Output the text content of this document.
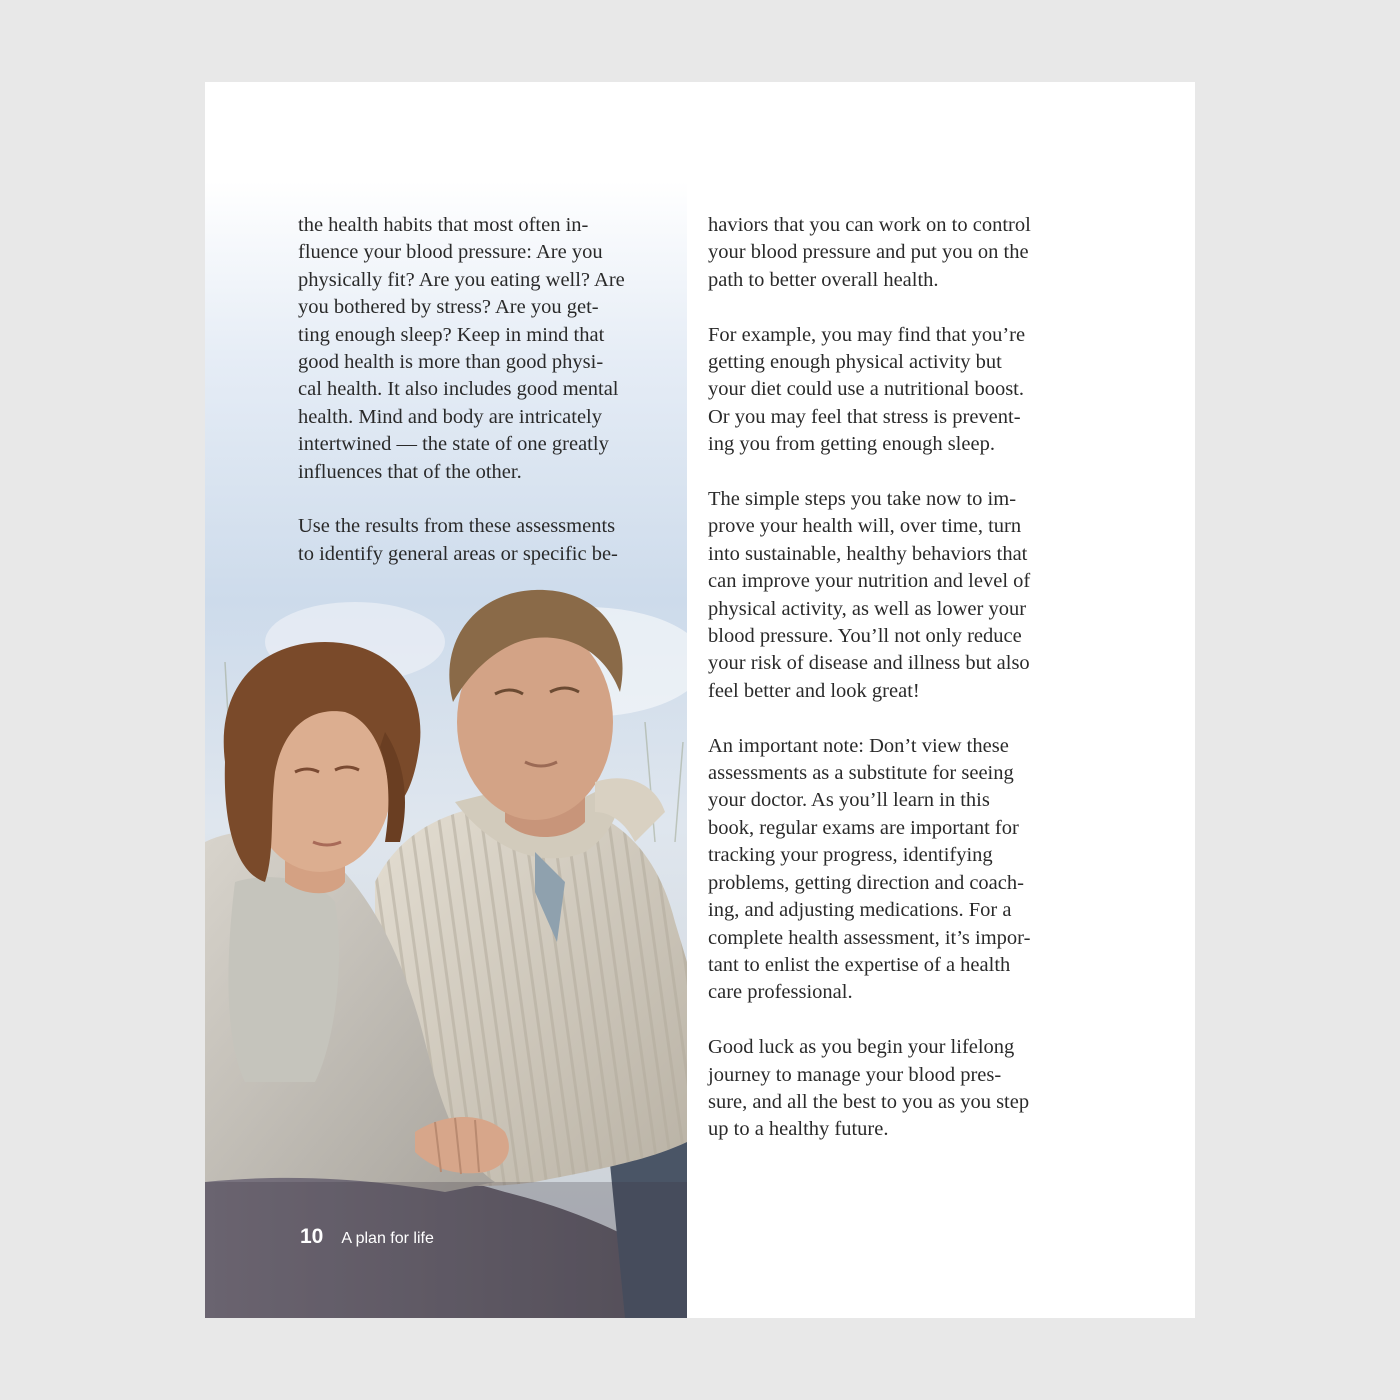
the health habits that most often in-
fluence your blood pressure: Are you
physically fit? Are you eating well? Are
you bothered by stress? Are you get-
ting enough sleep? Keep in mind that
good health is more than good physi-
cal health. It also includes good mental
health. Mind and body are intricately
intertwined — the state of one greatly
influences that of the other.

Use the results from these assessments
to identify general areas or specific be-

haviors that you can work on to control
your blood pressure and put you on the
path to better overall health.

For example, you may find that you’re
getting enough physical activity but
your diet could use a nutritional boost.
Or you may feel that stress is prevent-
ing you from getting enough sleep.

The simple steps you take now to im-
prove your health will, over time, turn
into sustainable, healthy behaviors that
can improve your nutrition and level of
physical activity, as well as lower your
blood pressure. You’ll not only reduce
your risk of disease and illness but also
feel better and look great!

An important note: Don’t view these
assessments as a substitute for seeing
your doctor. As you’ll learn in this
book, regular exams are important for
tracking your progress, identifying
problems, getting direction and coach-
ing, and adjusting medications. For a
complete health assessment, it’s impor-
tant to enlist the expertise of a health
care professional.

Good luck as you begin your lifelong
journey to manage your blood pres-
sure, and all the best to you as you step
up to a healthy future.

10 A plan for life
